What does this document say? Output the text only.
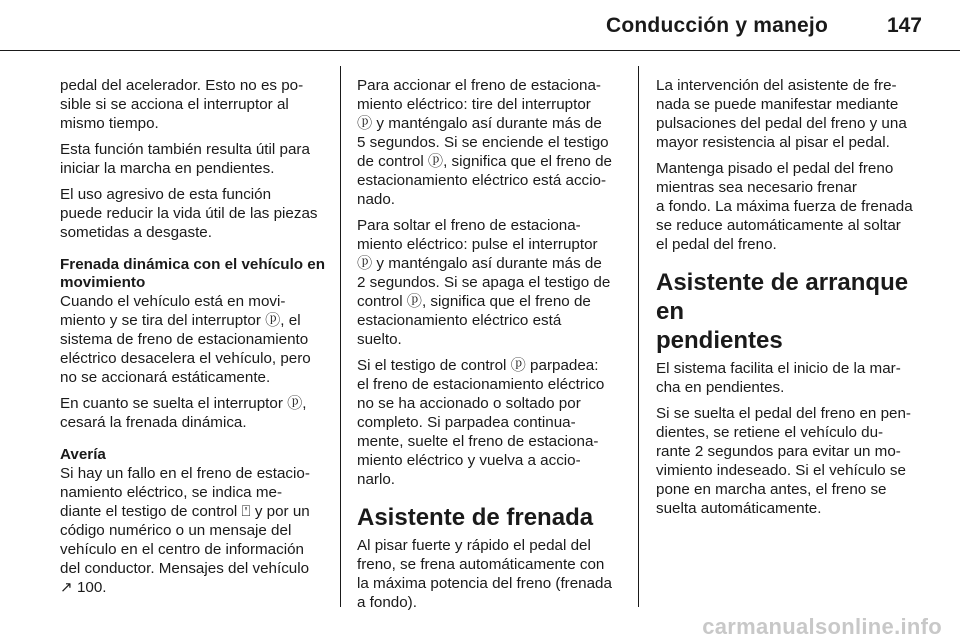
Conducción y manejo	147

pedal del acelerador. Esto no es po-
sible si se acciona el interruptor al
mismo tiempo.

Esta función también resulta útil para
iniciar la marcha en pendientes.

El uso agresivo de esta función
puede reducir la vida útil de las piezas
sometidas a desgaste.

Frenada dinámica con el vehículo en
movimiento

Cuando el vehículo está en movi-
miento y se tira del interruptor ⓟ, el
sistema de freno de estacionamiento
eléctrico desacelera el vehículo, pero
no se accionará estáticamente.

En cuanto se suelta el interruptor ⓟ,
cesará la frenada dinámica.

Avería

Si hay un fallo en el freno de estacio-
namiento eléctrico, se indica me-
diante el testigo de control ⍞ y por un
código numérico o un mensaje del
vehículo en el centro de información
del conductor. Mensajes del vehículo
↗ 100.

Para accionar el freno de estaciona-
miento eléctrico: tire del interruptor
ⓟ y manténgalo así durante más de
5 segundos. Si se enciende el testigo
de control ⓟ, significa que el freno de
estacionamiento eléctrico está accio-
nado.

Para soltar el freno de estaciona-
miento eléctrico: pulse el interruptor
ⓟ y manténgalo así durante más de
2 segundos. Si se apaga el testigo de
control ⓟ, significa que el freno de
estacionamiento eléctrico está
suelto.

Si el testigo de control ⓟ parpadea:
el freno de estacionamiento eléctrico
no se ha accionado o soltado por
completo. Si parpadea continua-
mente, suelte el freno de estaciona-
miento eléctrico y vuelva a accio-
narlo.

Asistente de frenada

Al pisar fuerte y rápido el pedal del
freno, se frena automáticamente con
la máxima potencia del freno (frenada
a fondo).

La intervención del asistente de fre-
nada se puede manifestar mediante
pulsaciones del pedal del freno y una
mayor resistencia al pisar el pedal.

Mantenga pisado el pedal del freno
mientras sea necesario frenar
a fondo. La máxima fuerza de frenada
se reduce automáticamente al soltar
el pedal del freno.

Asistente de arranque en
pendientes

El sistema facilita el inicio de la mar-
cha en pendientes.

Si se suelta el pedal del freno en pen-
dientes, se retiene el vehículo du-
rante 2 segundos para evitar un mo-
vimiento indeseado. Si el vehículo se
pone en marcha antes, el freno se
suelta automáticamente.

carmanualsonline.info
